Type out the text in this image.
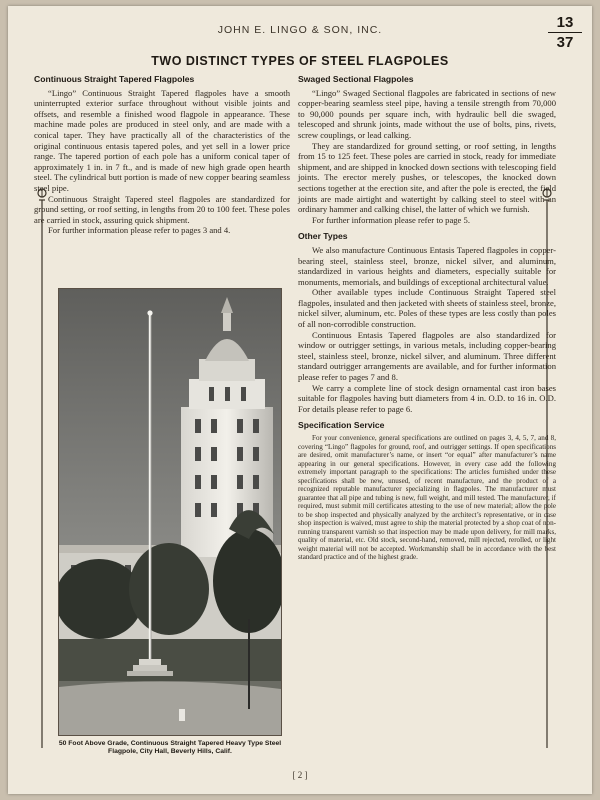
JOHN E. LINGO & SON, INC.	13
37
TWO DISTINCT TYPES OF STEEL FLAGPOLES
Continuous Straight Tapered Flagpoles

“Lingo” Continuous Straight Tapered flagpoles have a smooth uninterrupted exterior surface throughout without visible joints and offsets, and resemble a finished wood flagpole in appearance. These machine made poles are produced in steel only, and are made with a conical taper. They have practically all of the characteristics of the original continuous entasis tapered poles, and yet sell in a lower price range. The tapered portion of each pole has a uniform conical taper of approximately 1 in. in 7 ft., and is made of new high grade open hearth steel. The cylindrical butt portion is made of new copper bearing seamless steel pipe.

Continuous Straight Tapered steel flagpoles are standardized for ground setting, or roof setting, in lengths from 20 to 100 feet. These poles are carried in stock, assuring quick shipment.

For further information please refer to pages 3 and 4.

50 Foot Above Grade, Continuous Straight Tapered Heavy Type Steel Flagpole, City Hall, Beverly Hills, Calif.
Swaged Sectional Flagpoles

“Lingo” Swaged Sectional flagpoles are fabricated in sections of new copper-bearing seamless steel pipe, having a tensile strength from 70,000 to 90,000 pounds per square inch, with hydraulic bell die swaged, telescoped and shrunk joints, made without the use of bolts, pins, rivets, screw couplings, or lead calking.

They are standardized for ground setting, or roof setting, in lengths from 15 to 125 feet. These poles are carried in stock, ready for immediate shipment, and are shipped in knocked down sections with telescoping field joints. The erector merely pushes, or telescopes, the knocked down sections together at the erection site, and after the pole is erected, the field joints are made airtight and watertight by calking steel to steel with an ordinary hammer and calking chisel, the latter of which we furnish.

For further information please refer to page 5.

Other Types

We also manufacture Continuous Entasis Tapered flagpoles in copper-bearing steel, stainless steel, bronze, nickel silver, and aluminum, standardized in various heights and diameters, especially suitable for monuments, memorials, and buildings of exceptional architectural value.

Other available types include Continuous Straight Tapered steel flagpoles, insulated and then jacketed with sheets of stainless steel, bronze, nickel silver, aluminum, etc. Poles of these types are less costly than poles of all non-corrodible construction.

Continuous Entasis Tapered flagpoles are also standardized for window or outrigger settings, in various metals, including copper-bearing steel, stainless steel, bronze, nickel silver, and aluminum. Three different standard outrigger arrangements are available, and for further information please refer to pages 7 and 8.

We carry a complete line of stock design ornamental cast iron bases suitable for flagpoles having butt diameters from 4 in. O.D. to 16 in. O.D. For details please refer to page 6.

Specification Service

For your convenience, general specifications are outlined on pages 3, 4, 5, 7, and 8, covering “Lingo” flagpoles for ground, roof, and outrigger settings. If open specifications are desired, omit manufacturer’s name, or insert “or equal” after manufacturer’s name appearing in our general specifications. However, in every case add the following extremely important paragraph to the specifications: The articles furnished under these specifications shall be new, unused, of recent manufacture, and the product of a recognized reputable manufacturer specializing in flagpoles. The manufacturer must guarantee that all pipe and tubing is new, full weight, and mill tested. The manufacturer, if required, must submit mill certificates attesting to the use of new material; allow the pole to be shop inspected and physically analyzed by the architect’s representative, or in case shop inspection is waived, must agree to ship the material protected by a shop coat of non-running transparent varnish so that inspection may be made upon delivery, for mill marks, quality of material, etc. Old stock, second-hand, removed, mill rejected, rerolled, or light weight material will not be accepted. Workmanship shall be in accordance with the best standard practice and of the highest grade.

[ 2 ]
